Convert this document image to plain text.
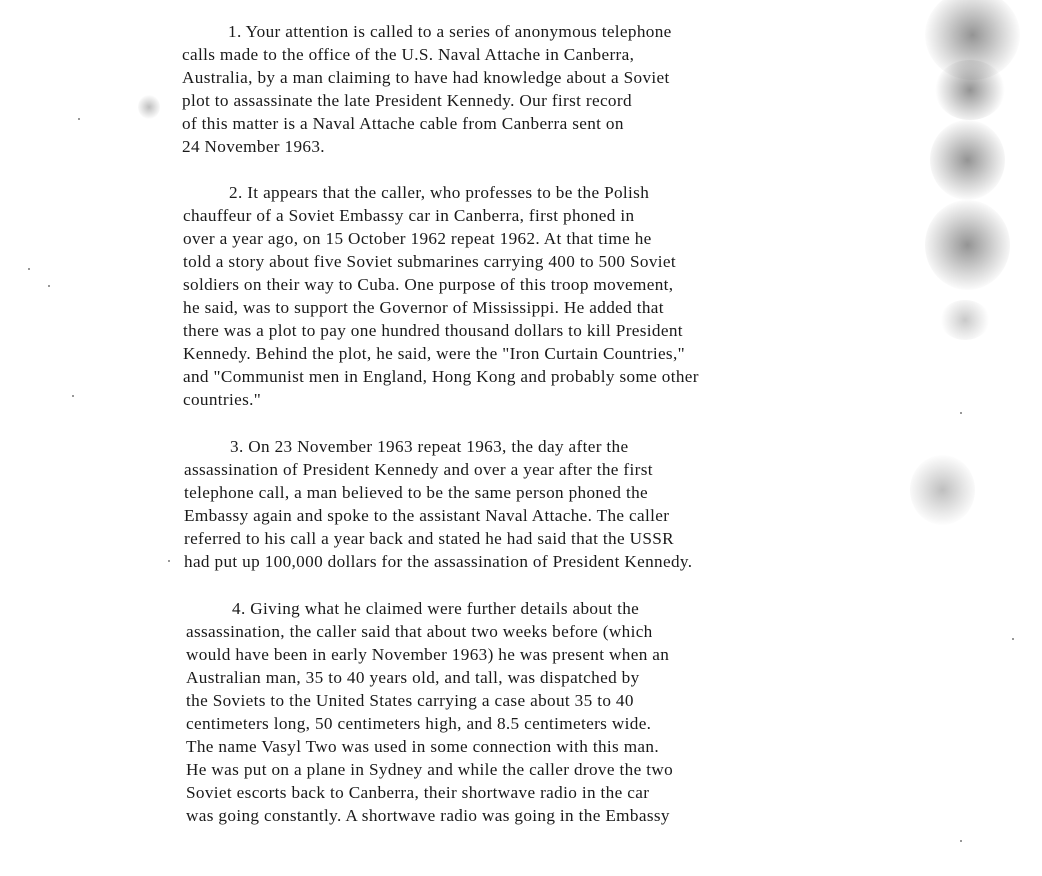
1. Your attention is called to a series of anonymous telephone
calls made to the office of the U.S. Naval Attache in Canberra,
Australia, by a man claiming to have had knowledge about a Soviet
plot to assassinate the late President Kennedy. Our first record
of this matter is a Naval Attache cable from Canberra sent on
24 November 1963.
2. It appears that the caller, who professes to be the Polish
chauffeur of a Soviet Embassy car in Canberra, first phoned in
over a year ago, on 15 October 1962 repeat 1962. At that time he
told a story about five Soviet submarines carrying 400 to 500 Soviet
soldiers on their way to Cuba. One purpose of this troop movement,
he said, was to support the Governor of Mississippi. He added that
there was a plot to pay one hundred thousand dollars to kill President
Kennedy. Behind the plot, he said, were the "Iron Curtain Countries,"
and "Communist men in England, Hong Kong and probably some other
countries."
3. On 23 November 1963 repeat 1963, the day after the
assassination of President Kennedy and over a year after the first
telephone call, a man believed to be the same person phoned the
Embassy again and spoke to the assistant Naval Attache. The caller
referred to his call a year back and stated he had said that the USSR
had put up 100,000 dollars for the assassination of President Kennedy.
4. Giving what he claimed were further details about the
assassination, the caller said that about two weeks before (which
would have been in early November 1963) he was present when an
Australian man, 35 to 40 years old, and tall, was dispatched by
the Soviets to the United States carrying a case about 35 to 40
centimeters long, 50 centimeters high, and 8.5 centimeters wide.
The name Vasyl Two was used in some connection with this man.
He was put on a plane in Sydney and while the caller drove the two
Soviet escorts back to Canberra, their shortwave radio in the car
was going constantly. A shortwave radio was going in the Embassy
